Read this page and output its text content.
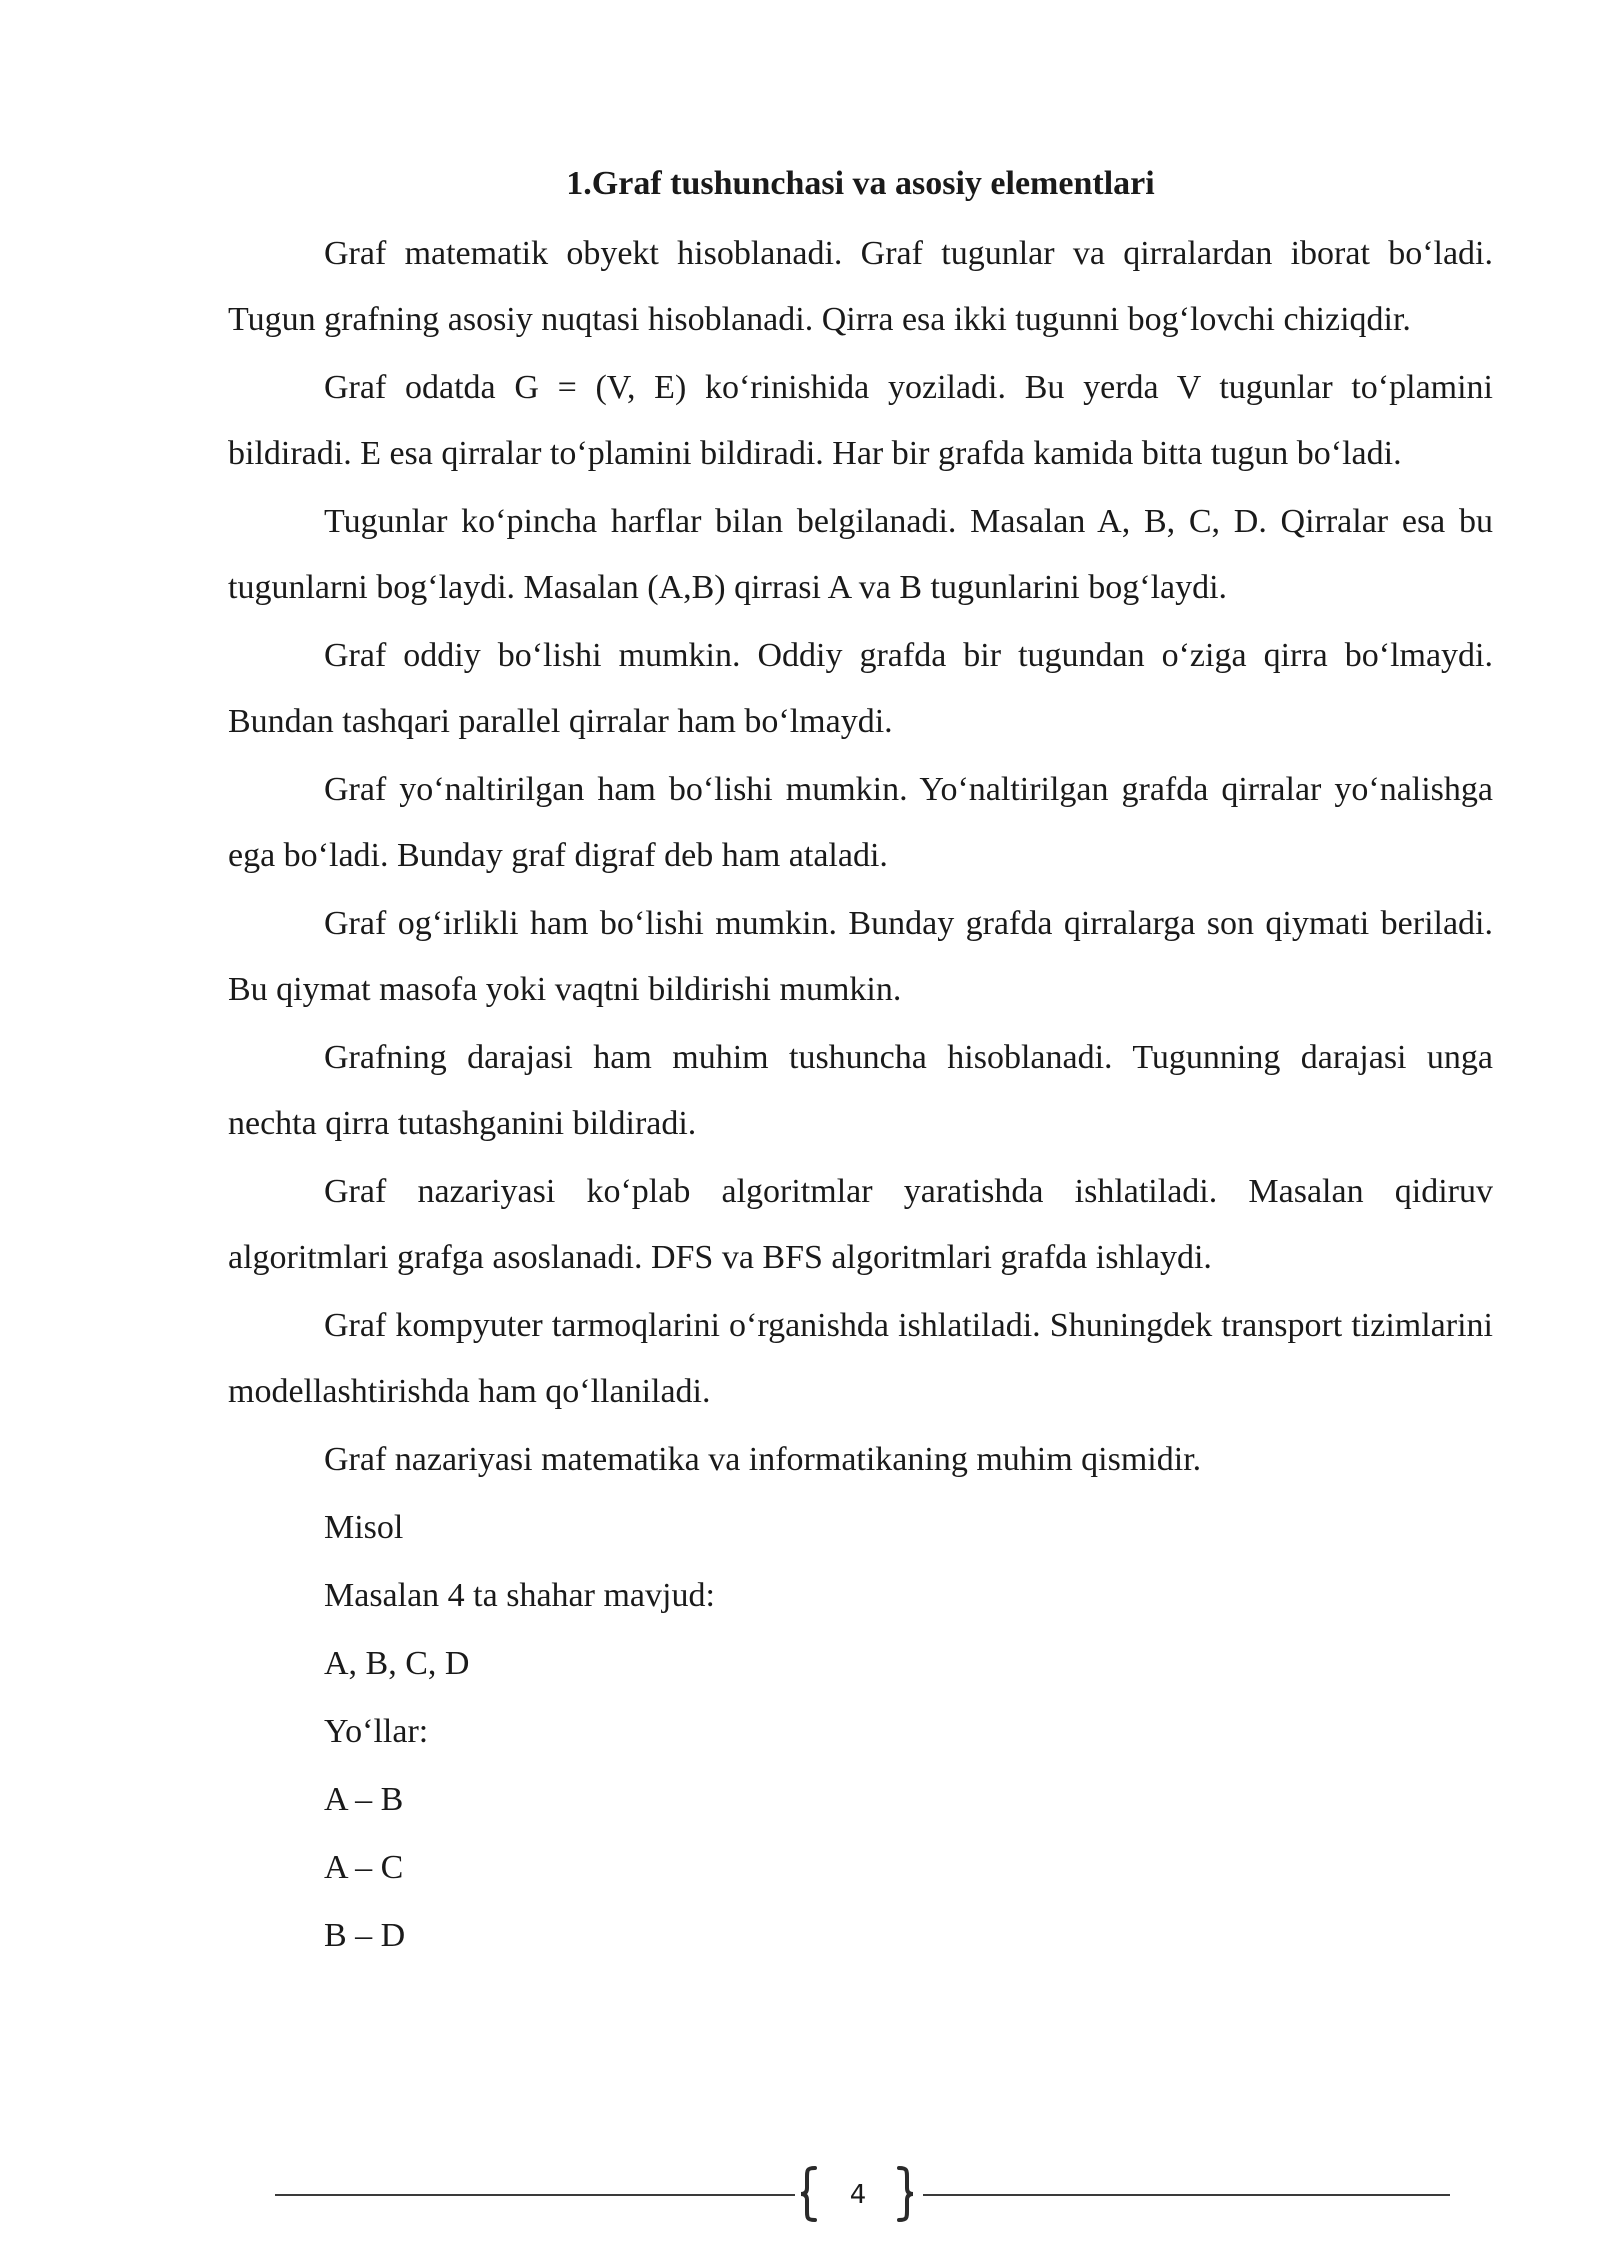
1.Graf tushunchasi va asosiy elementlari

Graf matematik obyekt hisoblanadi. Graf tugunlar va qirralardan iborat bo‘ladi. Tugun grafning asosiy nuqtasi hisoblanadi. Qirra esa ikki tugunni bog‘lovchi chiziqdir.

Graf odatda G = (V, E) ko‘rinishida yoziladi. Bu yerda V tugunlar to‘plamini bildiradi. E esa qirralar to‘plamini bildiradi. Har bir grafda kamida bitta tugun bo‘ladi.

Tugunlar ko‘pincha harflar bilan belgilanadi. Masalan A, B, C, D. Qirralar esa bu tugunlarni bog‘laydi. Masalan (A,B) qirrasi A va B tugunlarini bog‘laydi.

Graf oddiy bo‘lishi mumkin. Oddiy grafda bir tugundan o‘ziga qirra bo‘lmaydi. Bundan tashqari parallel qirralar ham bo‘lmaydi.

Graf yo‘naltirilgan ham bo‘lishi mumkin. Yo‘naltirilgan grafda qirralar yo‘nalishga ega bo‘ladi. Bunday graf digraf deb ham ataladi.

Graf og‘irlikli ham bo‘lishi mumkin. Bunday grafda qirralarga son qiymati beriladi. Bu qiymat masofa yoki vaqtni bildirishi mumkin.

Grafning darajasi ham muhim tushuncha hisoblanadi. Tugunning darajasi unga nechta qirra tutashganini bildiradi.

Graf nazariyasi ko‘plab algoritmlar yaratishda ishlatiladi. Masalan qidiruv algoritmlari grafga asoslanadi. DFS va BFS algoritmlari grafda ishlaydi.

Graf kompyuter tarmoqlarini o‘rganishda ishlatiladi. Shuningdek transport tizimlarini modellashtirishda ham qo‘llaniladi.

Graf nazariyasi matematika va informatikaning muhim qismidir.

Misol

Masalan 4 ta shahar mavjud:

A, B, C, D

Yo‘llar:

A – B

A – C

B – D

4
